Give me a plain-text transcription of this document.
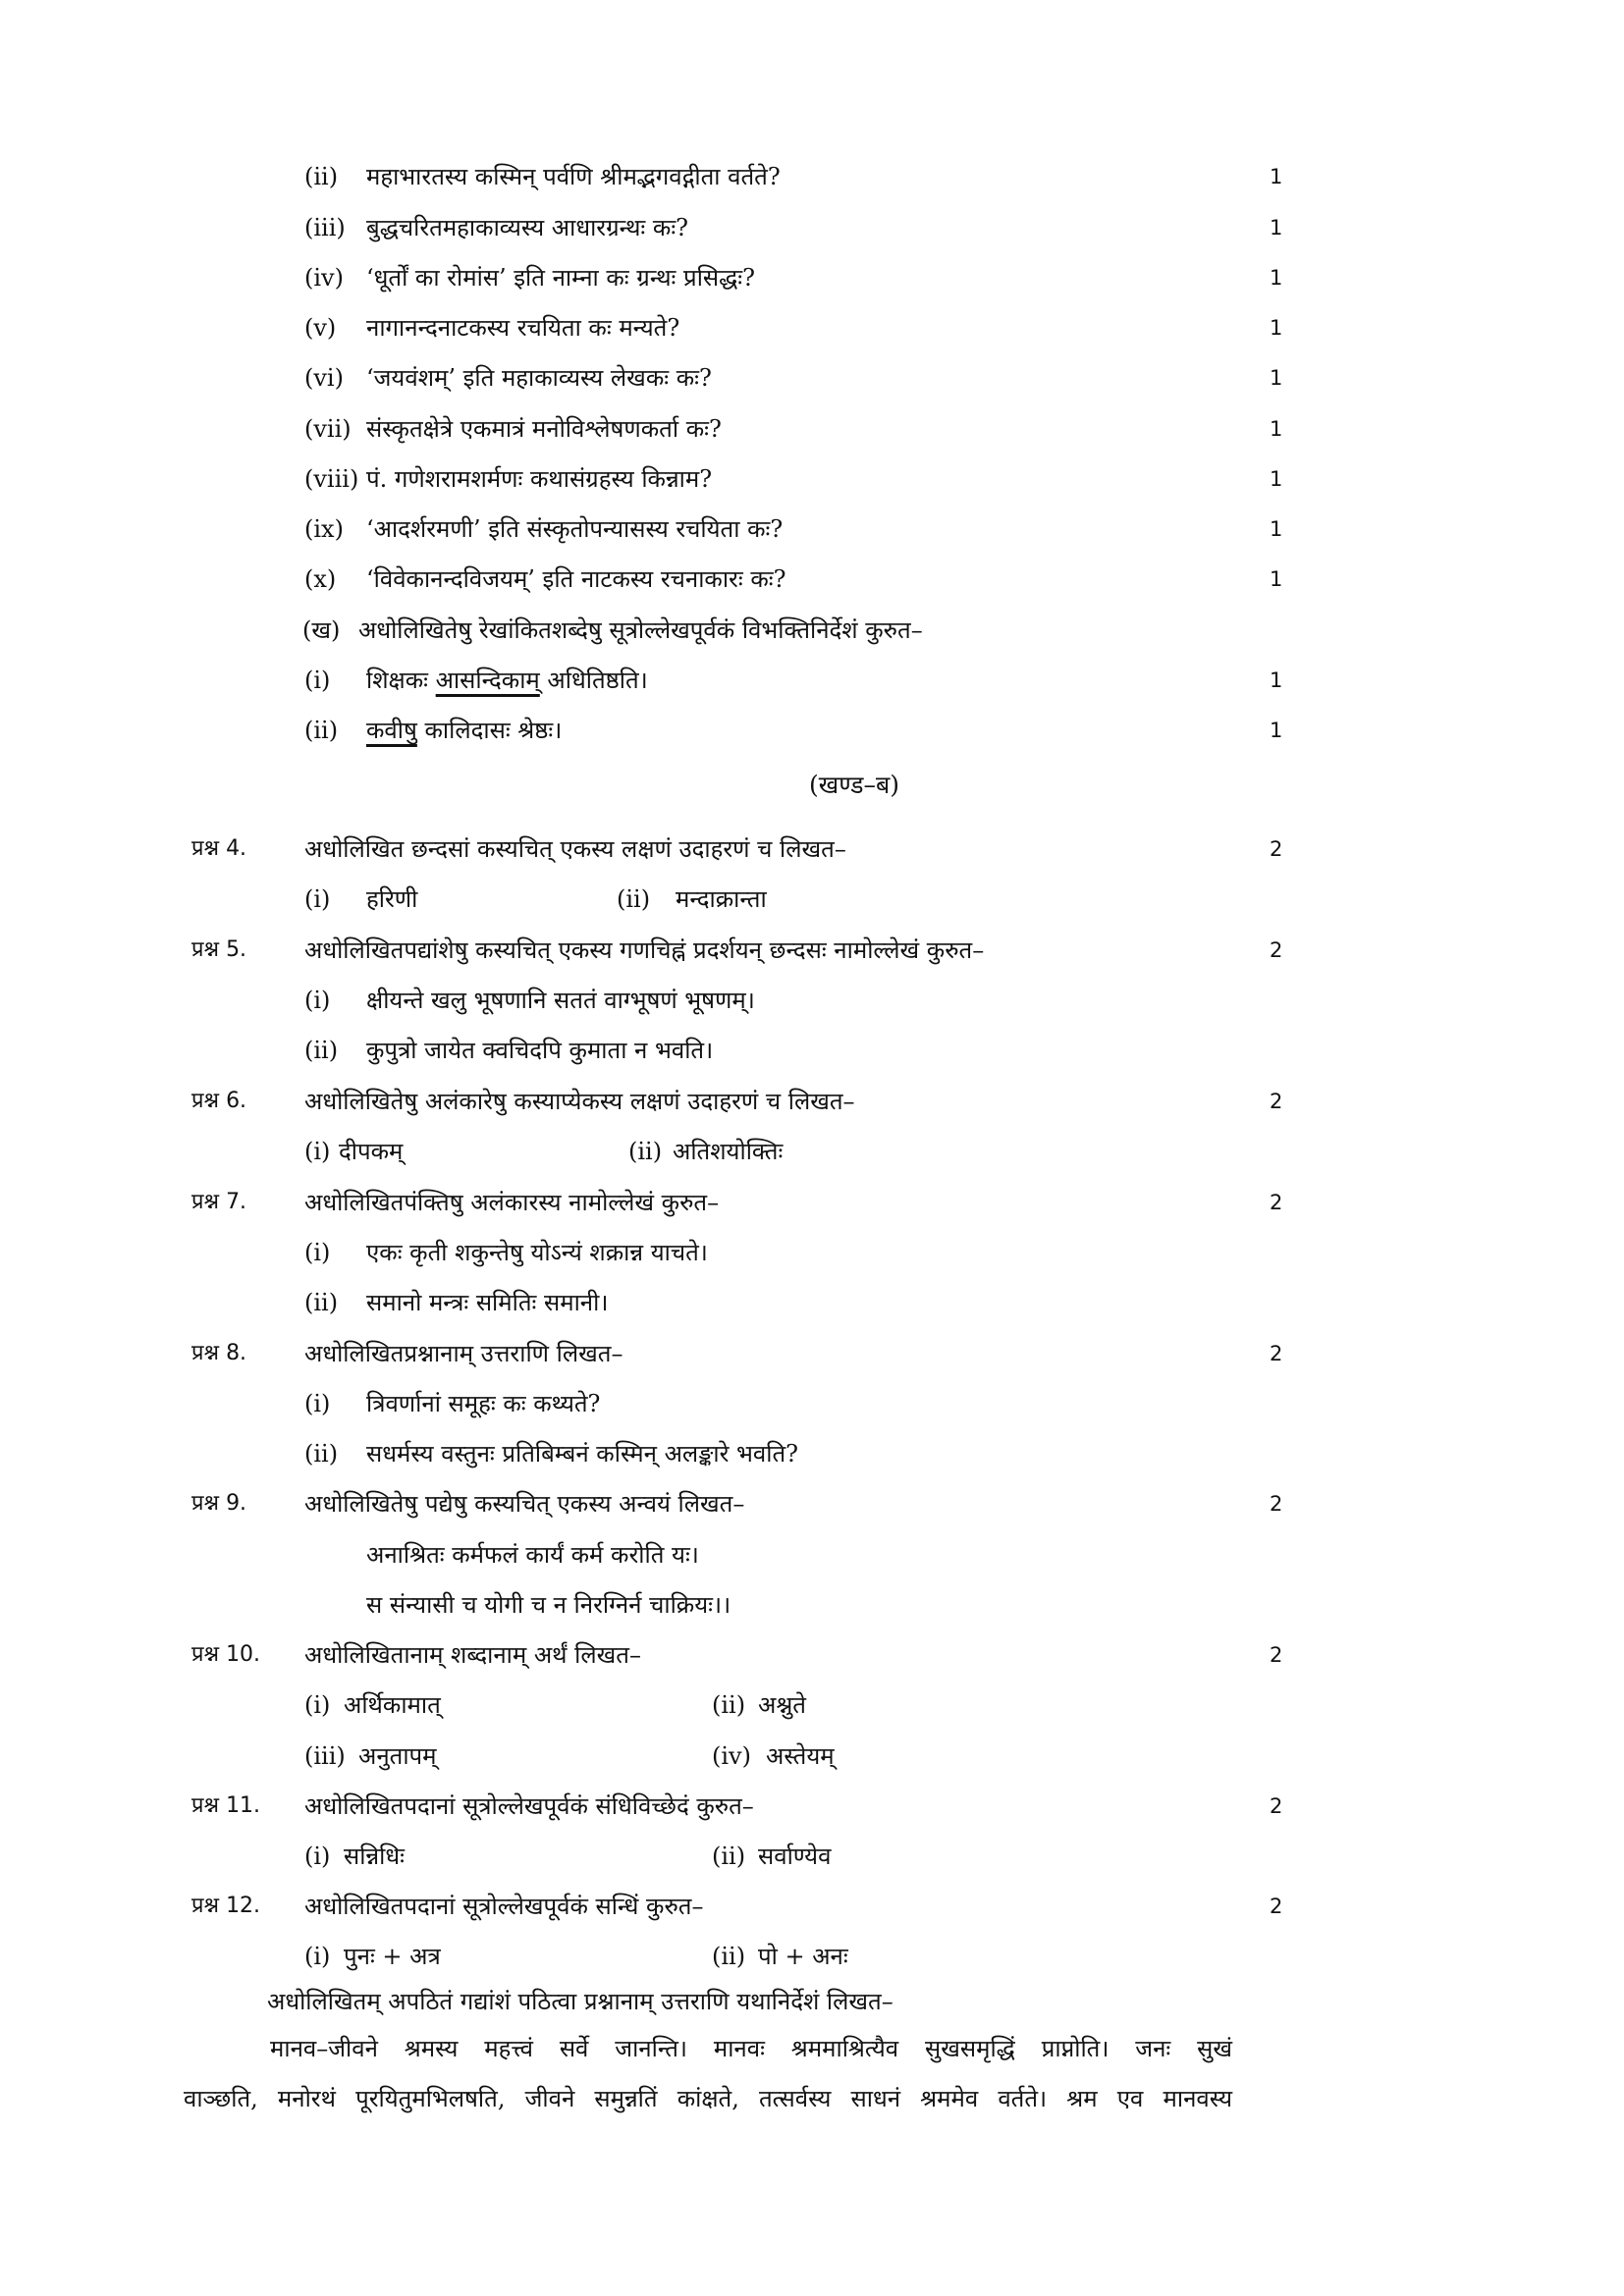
(ii) महाभारतस्य कस्मिन् पर्वणि श्रीमद्भगवद्गीता वर्तते?	1
(iii) बुद्धचरितमहाकाव्यस्य आधारग्रन्थः कः?	1
(iv) ‘धूर्तों का रोमांस’ इति नाम्ना कः ग्रन्थः प्रसिद्धः?	1
(v) नागानन्दनाटकस्य रचयिता कः मन्यते?	1
(vi) ‘जयवंशम्’ इति महाकाव्यस्य लेखकः कः?	1
(vii) संस्कृतक्षेत्रे एकमात्रं मनोविश्लेषणकर्ता कः?	1
(viii) पं. गणेशरामशर्मणः कथासंग्रहस्य किन्नाम?	1
(ix) ‘आदर्शरमणी’ इति संस्कृतोपन्यासस्य रचयिता कः?	1
(x) ‘विवेकानन्दविजयम्’ इति नाटकस्य रचनाकारः कः?	1
(ख) अधोलिखितेषु रेखांकितशब्देषु सूत्रोल्लेखपूर्वकं विभक्तिनिर्देशं कुरुत–
(i) शिक्षकः आसन्दिकाम् अधितिष्ठति।	1
(ii) कवीषु कालिदासः श्रेष्ठः।	1
(खण्ड–ब)
प्रश्न 4. अधोलिखित छन्दसां कस्यचित् एकस्य लक्षणं उदाहरणं च लिखत–	2
(i) हरिणी	(ii) मन्दाक्रान्ता
प्रश्न 5. अधोलिखितपद्यांशेषु कस्यचित् एकस्य गणचिह्नं प्रदर्शयन् छन्दसः नामोल्लेखं कुरुत–	2
(i) क्षीयन्ते खलु भूषणानि सततं वाग्भूषणं भूषणम्।
(ii) कुपुत्रो जायेत क्वचिदपि कुमाता न भवति।
प्रश्न 6. अधोलिखितेषु अलंकारेषु कस्याप्येकस्य लक्षणं उदाहरणं च लिखत–	2
(i) दीपकम्	(ii) अतिशयोक्तिः
प्रश्न 7. अधोलिखितपंक्तिषु अलंकारस्य नामोल्लेखं कुरुत–	2
(i) एकः कृती शकुन्तेषु योऽन्यं शक्रान्न याचते।
(ii) समानो मन्त्रः समितिः समानी।
प्रश्न 8. अधोलिखितप्रश्नानाम् उत्तराणि लिखत–	2
(i) त्रिवर्णानां समूहः कः कथ्यते?
(ii) सधर्मस्य वस्तुनः प्रतिबिम्बनं कस्मिन् अलङ्कारे भवति?
प्रश्न 9. अधोलिखितेषु पद्येषु कस्यचित् एकस्य अन्वयं लिखत–	2
अनाश्रितः कर्मफलं कार्यं कर्म करोति यः।
स संन्यासी च योगी च न निरग्निर्न चाक्रियः।।
प्रश्न 10. अधोलिखितानाम् शब्दानाम् अर्थं लिखत–	2
(i) अर्थिकामात्	(ii) अश्नुते
(iii) अनुतापम्	(iv) अस्तेयम्
प्रश्न 11. अधोलिखितपदानां सूत्रोल्लेखपूर्वकं संधिविच्छेदं कुरुत–	2
(i) सन्निधिः	(ii) सर्वाण्येव
प्रश्न 12. अधोलिखितपदानां सूत्रोल्लेखपूर्वकं सन्धिं कुरुत–	2
(i) पुनः + अत्र	(ii) पो + अनः
अधोलिखितम् अपठितं गद्यांशं पठित्वा प्रश्नानाम् उत्तराणि यथानिर्देशं लिखत–
मानव–जीवने श्रमस्य महत्त्वं सर्वे जानन्ति। मानवः श्रममाश्रित्यैव सुखसमृद्धिं प्राप्नोति। जनः सुखं
वाञ्छति, मनोरथं पूरयितुमभिलषति, जीवने समुन्नतिं कांक्षते, तत्सर्वस्य साधनं श्रममेव वर्तते। श्रम एव मानवस्य
